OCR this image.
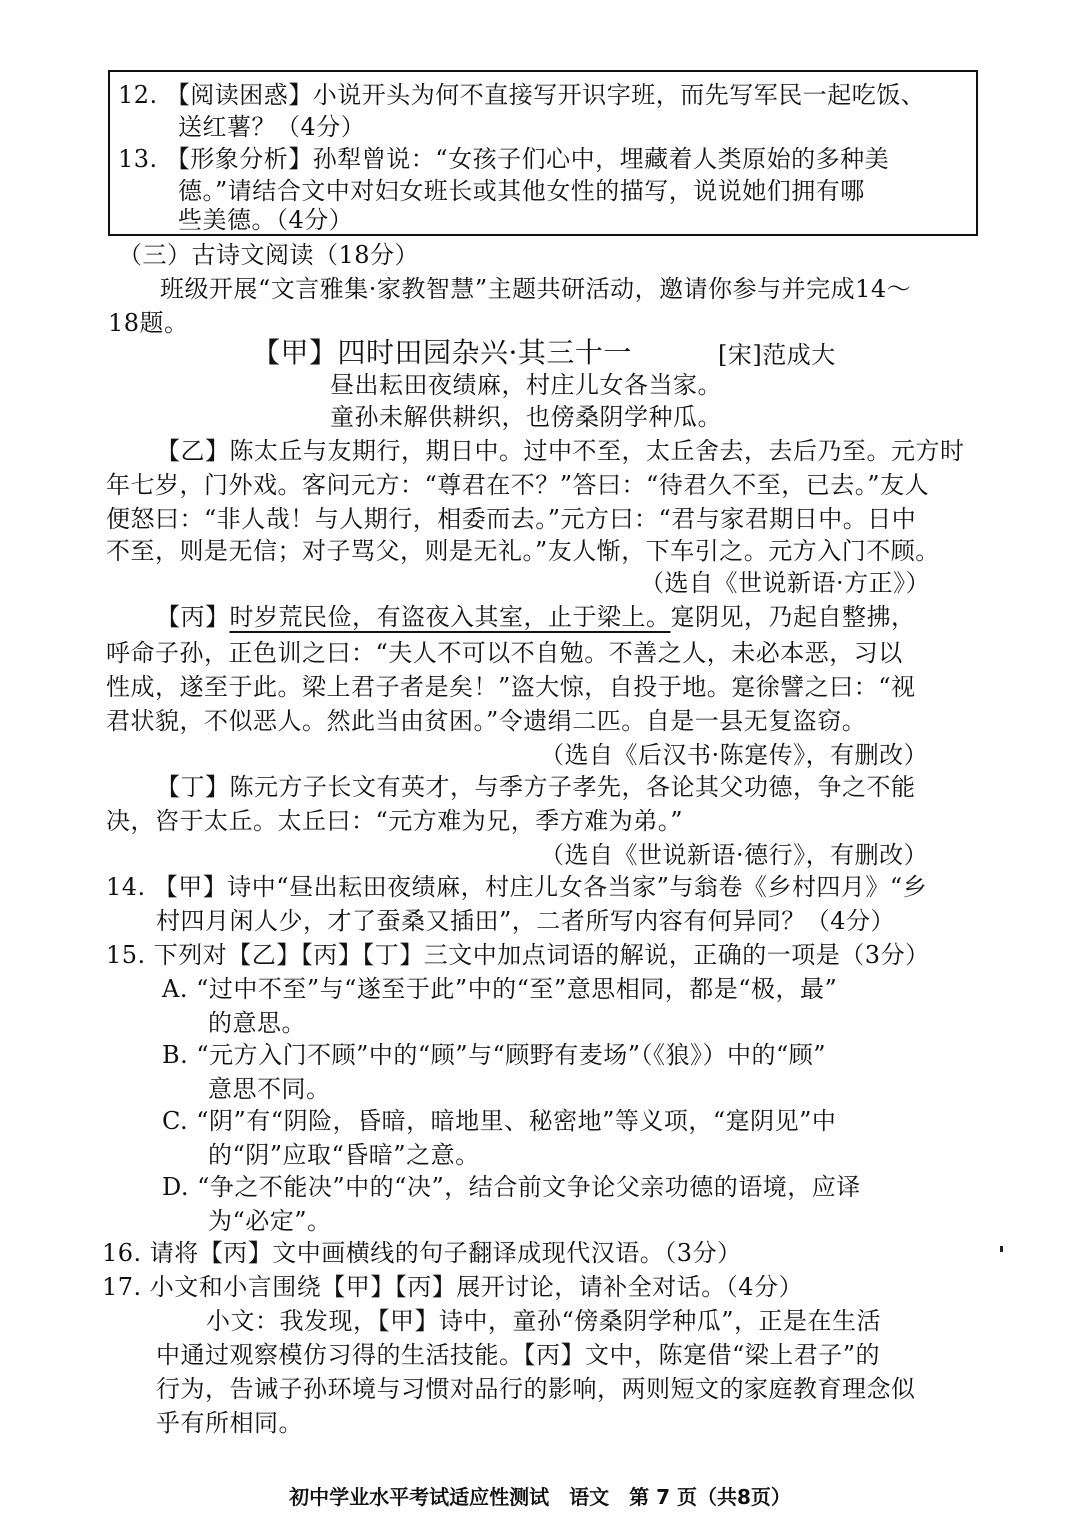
12. 【阅读困惑】小说开头为何不直接写开识字班，而先写军民一起吃饭、
送红薯？（4分）
13. 【形象分析】孙犁曾说：“女孩子们心中，埋藏着人类原始的多种美
德。”请结合文中对妇女班长或其他女性的描写，说说她们拥有哪
些美德。（4分）
（三）古诗文阅读（18分）
班级开展“文言雅集·家教智慧”主题共研活动，邀请你参与并完成14～
18题。
【甲】四时田园杂兴·其三十一	[宋]范成大
昼出耘田夜绩麻，村庄儿女各当家。
童孙未解供耕织，也傍桑阴学种瓜。
【乙】陈太丘与友期行，期日中。过中不至，太丘舍去，去后乃至。元方时
年七岁，门外戏。客问元方：“尊君在不？”答曰：“待君久不至，已去。”友人
便怒曰：“非人哉！与人期行，相委而去。”元方曰：“君与家君期日中。日中
不至，则是无信；对子骂父，则是无礼。”友人惭，下车引之。元方入门不顾。
（选自《世说新语·方正》）
【丙】时岁荒民俭，有盗夜入其室，止于梁上。寔阴见，乃起自整拂，
呼命子孙，正色训之曰：“夫人不可以不自勉。不善之人，未必本恶，习以
性成，遂至于此。梁上君子者是矣！”盗大惊，自投于地。寔徐譬之曰：“视
君状貌，不似恶人。然此当由贫困。”令遗绢二匹。自是一县无复盗窃。
（选自《后汉书·陈寔传》，有删改）
【丁】陈元方子长文有英才，与季方子孝先，各论其父功德，争之不能
决，咨于太丘。太丘曰：“元方难为兄，季方难为弟。”
（选自《世说新语·德行》，有删改）
14. 【甲】诗中“昼出耘田夜绩麻，村庄儿女各当家”与翁卷《乡村四月》“乡
村四月闲人少，才了蚕桑又插田”，二者所写内容有何异同？（4分）
15. 下列对【乙】【丙】【丁】三文中加点词语的解说，正确的一项是（3分）
A. “过中不至”与“遂至于此”中的“至”意思相同，都是“极，最”
的意思。
B. “元方入门不顾”中的“顾”与“顾野有麦场”（《狼》）中的“顾”
意思不同。
C. “阴”有“阴险，昏暗，暗地里、秘密地”等义项，“寔阴见”中
的“阴”应取“昏暗”之意。
D. “争之不能决”中的“决”，结合前文争论父亲功德的语境，应译
为“必定”。
16. 请将【丙】文中画横线的句子翻译成现代汉语。（3分）
17. 小文和小言围绕【甲】【丙】展开讨论，请补全对话。（4分）
小文：我发现，【甲】诗中，童孙“傍桑阴学种瓜”，正是在生活
中通过观察模仿习得的生活技能。【丙】文中，陈寔借“梁上君子”的
行为，告诫子孙环境与习惯对品行的影响，两则短文的家庭教育理念似
乎有所相同。
初中学业水平考试适应性测试　语文　第 7 页（共8页）
